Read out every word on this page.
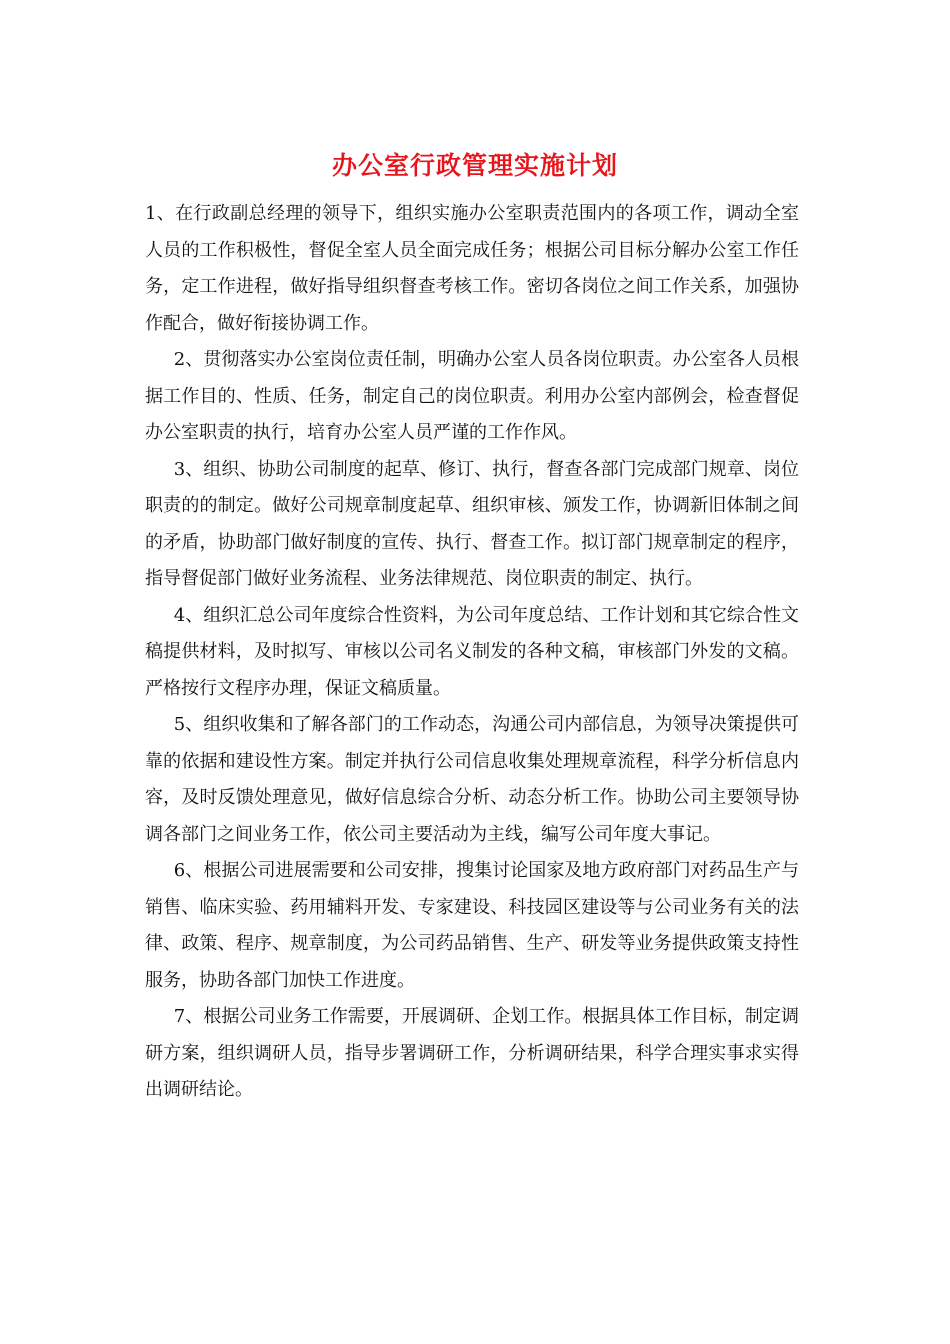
办公室行政管理实施计划

1、在行政副总经理的领导下，组织实施办公室职责范围内的各项工作，调动全室人员的工作积极性，督促全室人员全面完成任务；根据公司目标分解办公室工作任务，定工作进程，做好指导组织督查考核工作。密切各岗位之间工作关系，加强协作配合，做好衔接协调工作。

2、贯彻落实办公室岗位责任制，明确办公室人员各岗位职责。办公室各人员根据工作目的、性质、任务，制定自己的岗位职责。利用办公室内部例会，检查督促办公室职责的执行，培育办公室人员严谨的工作作风。

3、组织、协助公司制度的起草、修订、执行，督查各部门完成部门规章、岗位职责的的制定。做好公司规章制度起草、组织审核、颁发工作，协调新旧体制之间的矛盾，协助部门做好制度的宣传、执行、督查工作。拟订部门规章制定的程序，指导督促部门做好业务流程、业务法律规范、岗位职责的制定、执行。

4、组织汇总公司年度综合性资料，为公司年度总结、工作计划和其它综合性文稿提供材料，及时拟写、审核以公司名义制发的各种文稿，审核部门外发的文稿。严格按行文程序办理，保证文稿质量。

5、组织收集和了解各部门的工作动态，沟通公司内部信息，为领导决策提供可靠的依据和建设性方案。制定并执行公司信息收集处理规章流程，科学分析信息内容，及时反馈处理意见，做好信息综合分析、动态分析工作。协助公司主要领导协调各部门之间业务工作，依公司主要活动为主线，编写公司年度大事记。

6、根据公司进展需要和公司安排，搜集讨论国家及地方政府部门对药品生产与销售、临床实验、药用辅料开发、专家建设、科技园区建设等与公司业务有关的法律、政策、程序、规章制度，为公司药品销售、生产、研发等业务提供政策支持性服务，协助各部门加快工作进度。

7、根据公司业务工作需要，开展调研、企划工作。根据具体工作目标，制定调研方案，组织调研人员，指导步署调研工作，分析调研结果，科学合理实事求实得出调研结论。
